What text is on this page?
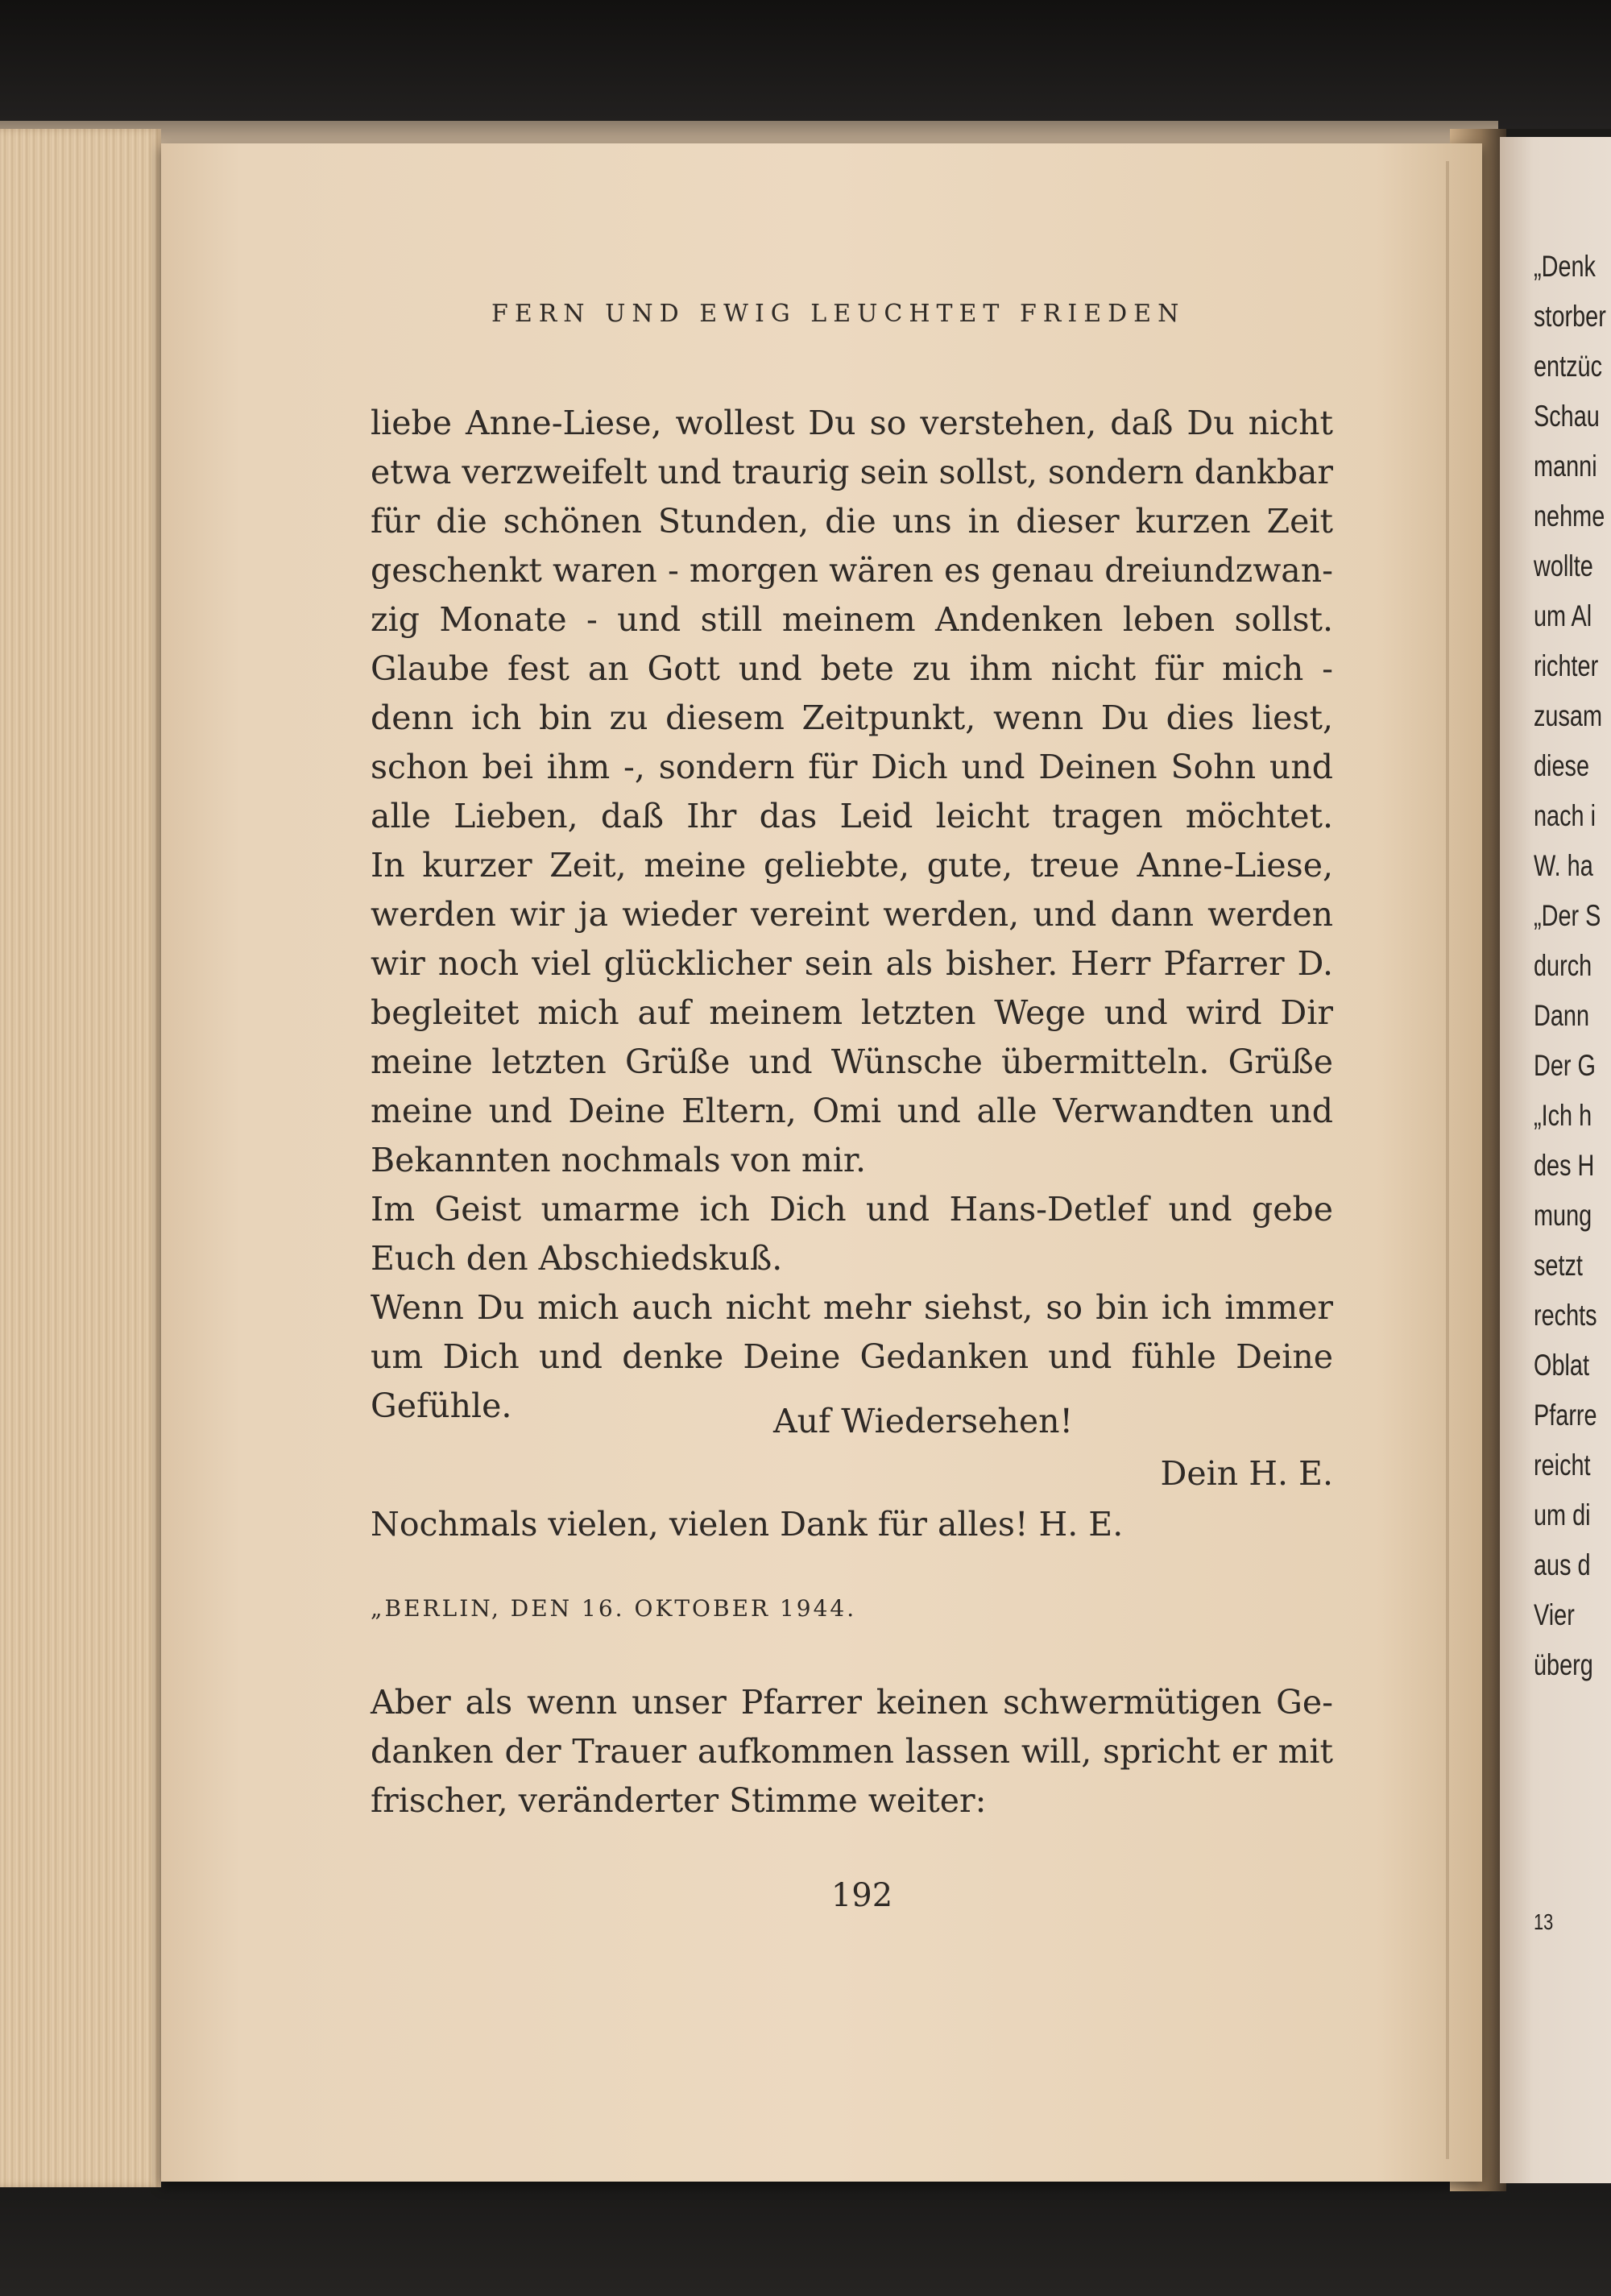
„Denk
storber
entzüc
Schau
manni
nehme
wollte
um Al
richter
zusam
diese
nach i
W. ha
„Der S
durch
Dann
Der G
„Ich h
des H
mung
setzt
rechts
Oblat
Pfarre
reicht
um di
aus d
Vier
überg
13
FERN UND EWIG LEUCHTET FRIEDEN
liebe Anne-Liese, wollest Du so verstehen, daß Du nicht
etwa verzweifelt und traurig sein sollst, sondern dankbar
für die schönen Stunden, die uns in dieser kurzen Zeit
geschenkt waren - morgen wären es genau dreiundzwan-
zig Monate - und still meinem Andenken leben sollst.
Glaube fest an Gott und bete zu ihm nicht für mich -
denn ich bin zu diesem Zeitpunkt, wenn Du dies liest,
schon bei ihm -, sondern für Dich und Deinen Sohn und
alle Lieben, daß Ihr das Leid leicht tragen möchtet.
In kurzer Zeit, meine geliebte, gute, treue Anne-Liese,
werden wir ja wieder vereint werden, und dann werden
wir noch viel glücklicher sein als bisher. Herr Pfarrer D.
begleitet mich auf meinem letzten Wege und wird Dir
meine letzten Grüße und Wünsche übermitteln. Grüße
meine und Deine Eltern, Omi und alle Verwandten und
Bekannten nochmals von mir.
Im Geist umarme ich Dich und Hans-Detlef und gebe
Euch den Abschiedskuß.
Wenn Du mich auch nicht mehr siehst, so bin ich immer
um Dich und denke Deine Gedanken und fühle Deine
Gefühle.	Auf Wiedersehen!
Dein H. E.
Nochmals vielen, vielen Dank für alles! H. E.
„BERLIN, DEN 16. OKTOBER 1944.
Aber als wenn unser Pfarrer keinen schwermütigen Ge-
danken der Trauer aufkommen lassen will, spricht er mit
frischer, veränderter Stimme weiter:
192
